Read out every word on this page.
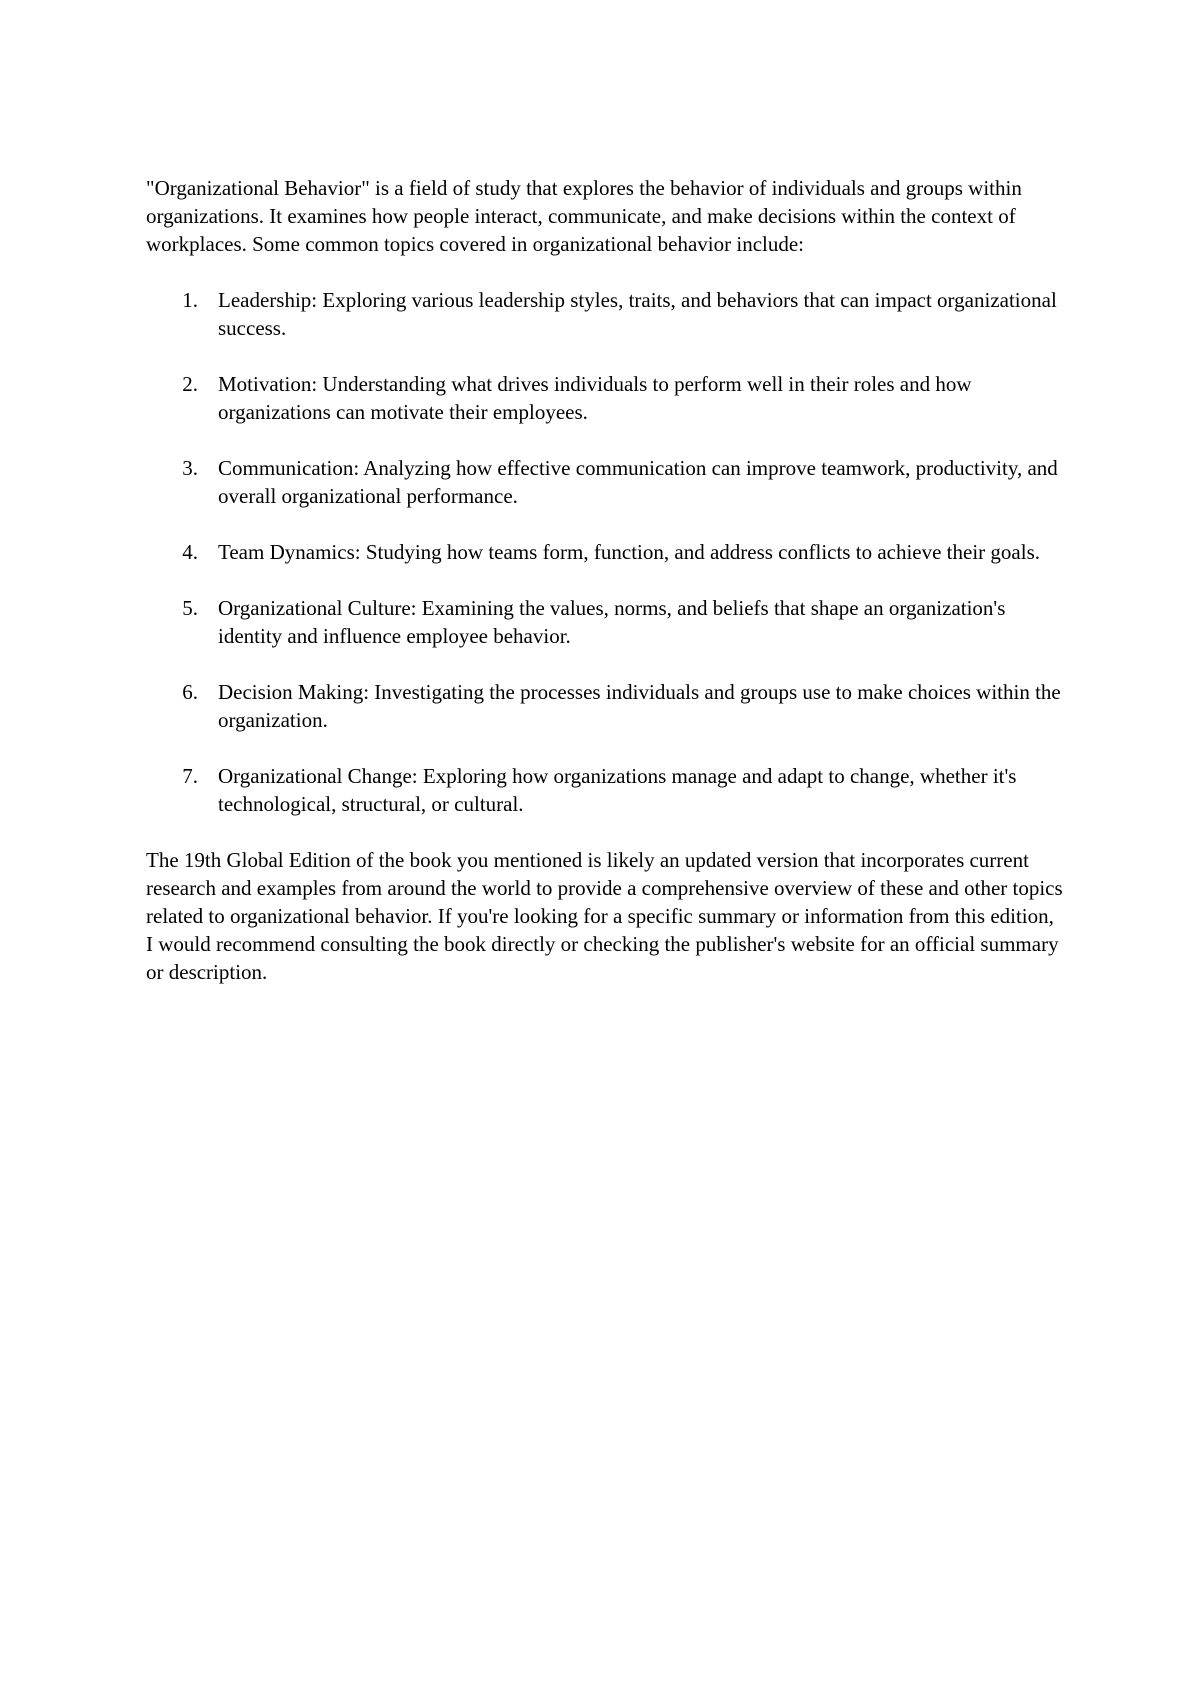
"Organizational Behavior" is a field of study that explores the behavior of individuals and groups within organizations. It examines how people interact, communicate, and make decisions within the context of workplaces. Some common topics covered in organizational behavior include:

1. Leadership: Exploring various leadership styles, traits, and behaviors that can impact organizational success.
2. Motivation: Understanding what drives individuals to perform well in their roles and how organizations can motivate their employees.
3. Communication: Analyzing how effective communication can improve teamwork, productivity, and overall organizational performance.
4. Team Dynamics: Studying how teams form, function, and address conflicts to achieve their goals.
5. Organizational Culture: Examining the values, norms, and beliefs that shape an organization's identity and influence employee behavior.
6. Decision Making: Investigating the processes individuals and groups use to make choices within the organization.
7. Organizational Change: Exploring how organizations manage and adapt to change, whether it's technological, structural, or cultural.

The 19th Global Edition of the book you mentioned is likely an updated version that incorporates current research and examples from around the world to provide a comprehensive overview of these and other topics related to organizational behavior. If you're looking for a specific summary or information from this edition, I would recommend consulting the book directly or checking the publisher's website for an official summary or description.
